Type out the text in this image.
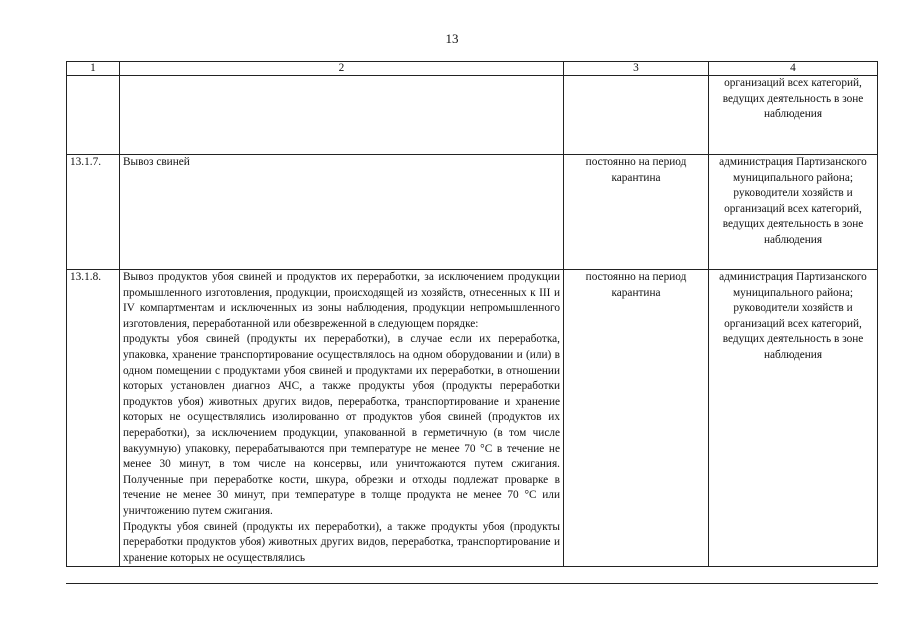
13
1	2	3	4
			организаций всех категорий, ведущих деятельность в зоне наблюдения
13.1.7.	Вывоз свиней	постоянно на период карантина	администрация Партизанского муниципального района; руководители хозяйств и организаций всех категорий, ведущих деятельность в зоне наблюдения
13.1.8.	Вывоз продуктов убоя свиней и продуктов их переработки, за исключением продукции промышленного изготовления, продукции, происходящей из хозяйств, отнесенных к III и IV компартментам и исключенных из зоны наблюдения, продукции непромышленного изготовления, переработанной или обезвреженной в следующем порядке:

продукты убоя свиней (продукты их переработки), в случае если их переработка, упаковка, хранение транспортирование осуществлялось на одном оборудовании и (или) в одном помещении с продуктами убоя свиней и продуктами их переработки, в отношении которых установлен диагноз АЧС, а также продукты убоя (продукты переработки продуктов убоя) животных других видов, переработка, транспортирование и хранение которых не осуществлялись изолированно от продуктов убоя свиней (продуктов их переработки), за исключением продукции, упакованной в герметичную (в том числе вакуумную) упаковку, перерабатываются при температуре не менее 70 °С в течение не менее 30 минут, в том числе на консервы, или уничтожаются путем сжигания. Полученные при переработке кости, шкура, обрезки и отходы подлежат проварке в течение не менее 30 минут, при температуре в толще продукта не менее 70 °С или уничтожению путем сжигания.

Продукты убоя свиней (продукты их переработки), а также продукты убоя (продукты переработки продуктов убоя) животных других видов, переработка, транспортирование и хранение которых не осуществлялись	постоянно на период карантина	администрация Партизанского муниципального района; руководители хозяйств и организаций всех категорий, ведущих деятельность в зоне наблюдения
